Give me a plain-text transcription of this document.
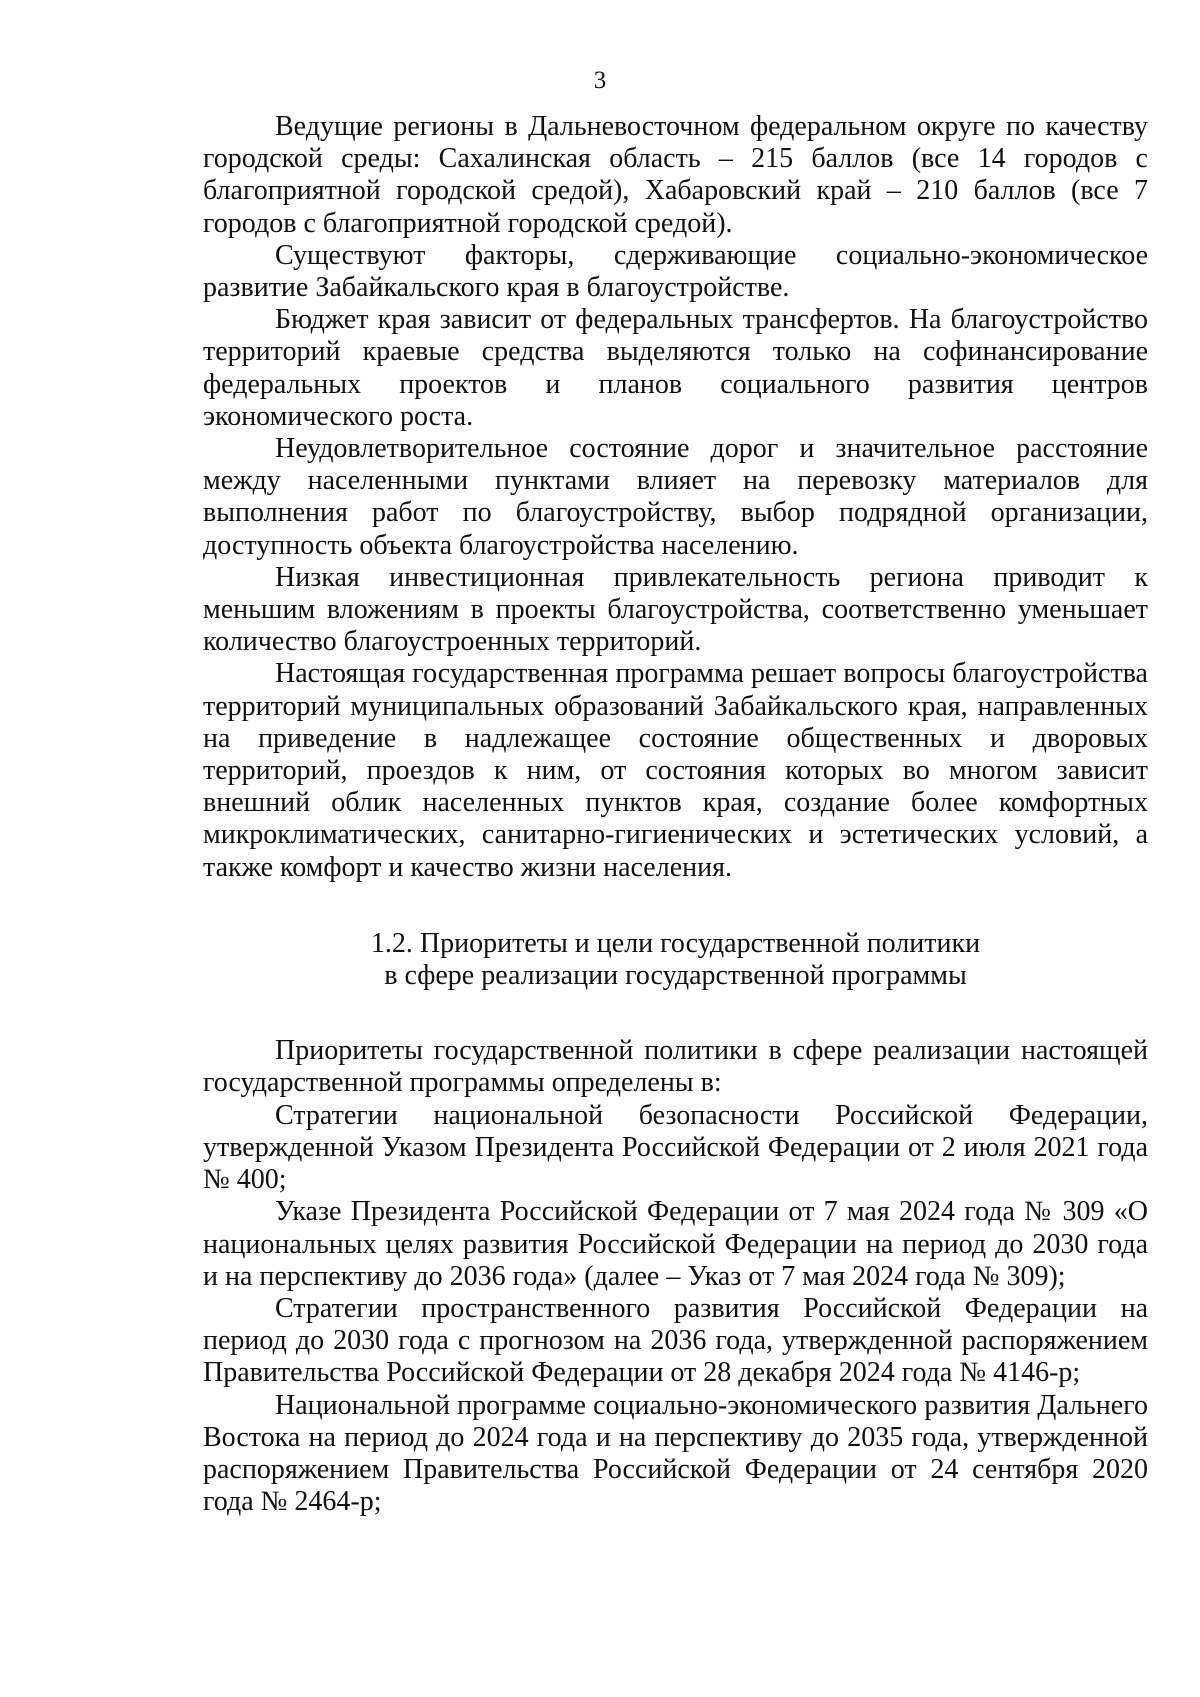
3

Ведущие регионы в Дальневосточном федеральном округе по качеству городской среды: Сахалинская область – 215 баллов (все 14 городов с благоприятной городской средой), Хабаровский край – 210 баллов (все 7 городов с благоприятной городской средой).

Существуют факторы, сдерживающие социально-экономическое развитие Забайкальского края в благоустройстве.

Бюджет края зависит от федеральных трансфертов. На благоустройство территорий краевые средства выделяются только на софинансирование федеральных проектов и планов социального развития центров экономического роста.

Неудовлетворительное состояние дорог и значительное расстояние между населенными пунктами влияет на перевозку материалов для выполнения работ по благоустройству, выбор подрядной организации, доступность объекта благоустройства населению.

Низкая инвестиционная привлекательность региона приводит к меньшим вложениям в проекты благоустройства, соответственно уменьшает количество благоустроенных территорий.

Настоящая государственная программа решает вопросы благоустройства территорий муниципальных образований Забайкальского края, направленных на приведение в надлежащее состояние общественных и дворовых территорий, проездов к ним, от состояния которых во многом зависит внешний облик населенных пунктов края, создание более комфортных микроклиматических, санитарно-гигиенических и эстетических условий, а также комфорт и качество жизни населения.

1.2. Приоритеты и цели государственной политики
в сфере реализации государственной программы

Приоритеты государственной политики в сфере реализации настоящей государственной программы определены в:

Стратегии национальной безопасности Российской Федерации, утвержденной Указом Президента Российской Федерации от 2 июля 2021 года № 400;

Указе Президента Российской Федерации от 7 мая 2024 года № 309 «О национальных целях развития Российской Федерации на период до 2030 года и на перспективу до 2036 года» (далее – Указ от 7 мая 2024 года № 309);

Стратегии пространственного развития Российской Федерации на период до 2030 года с прогнозом на 2036 года, утвержденной распоряжением Правительства Российской Федерации от 28 декабря 2024 года № 4146-р;

Национальной программе социально-экономического развития Дальнего Востока на период до 2024 года и на перспективу до 2035 года, утвержденной распоряжением Правительства Российской Федерации от 24 сентября 2020 года № 2464-р;
